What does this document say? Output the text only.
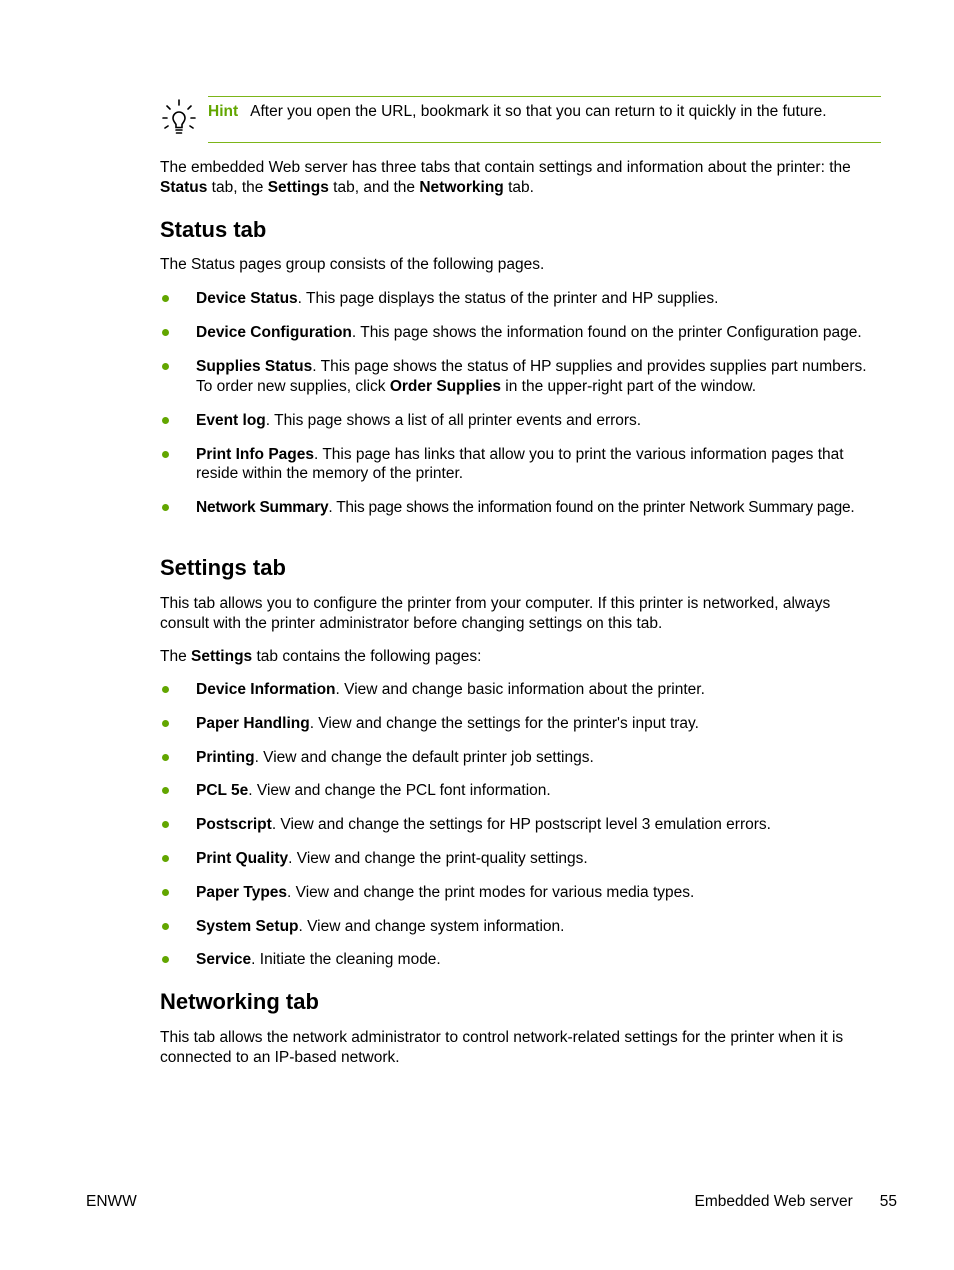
Hint After you open the URL, bookmark it so that you can return to it quickly in the future.

The embedded Web server has three tabs that contain settings and information about the printer: the
Status tab, the Settings tab, and the Networking tab.

Status tab

The Status pages group consists of the following pages.

Device Status. This page displays the status of the printer and HP supplies.
Device Configuration. This page shows the information found on the printer Configuration page.
Supplies Status. This page shows the status of HP supplies and provides supplies part numbers. To order new supplies, click Order Supplies in the upper-right part of the window.
Event log. This page shows a list of all printer events and errors.
Print Info Pages. This page has links that allow you to print the various information pages that reside within the memory of the printer.
Network Summary. This page shows the information found on the printer Network Summary page.
Settings tab

This tab allows you to configure the printer from your computer. If this printer is networked, always consult with the printer administrator before changing settings on this tab.

The Settings tab contains the following pages:

Device Information. View and change basic information about the printer.
Paper Handling. View and change the settings for the printer's input tray.
Printing. View and change the default printer job settings.
PCL 5e. View and change the PCL font information.
Postscript. View and change the settings for HP postscript level 3 emulation errors.
Print Quality. View and change the print-quality settings.
Paper Types. View and change the print modes for various media types.
System Setup. View and change system information.
Service. Initiate the cleaning mode.
Networking tab

This tab allows the network administrator to control network-related settings for the printer when it is connected to an IP-based network.

ENWW	Embedded Web server 55
